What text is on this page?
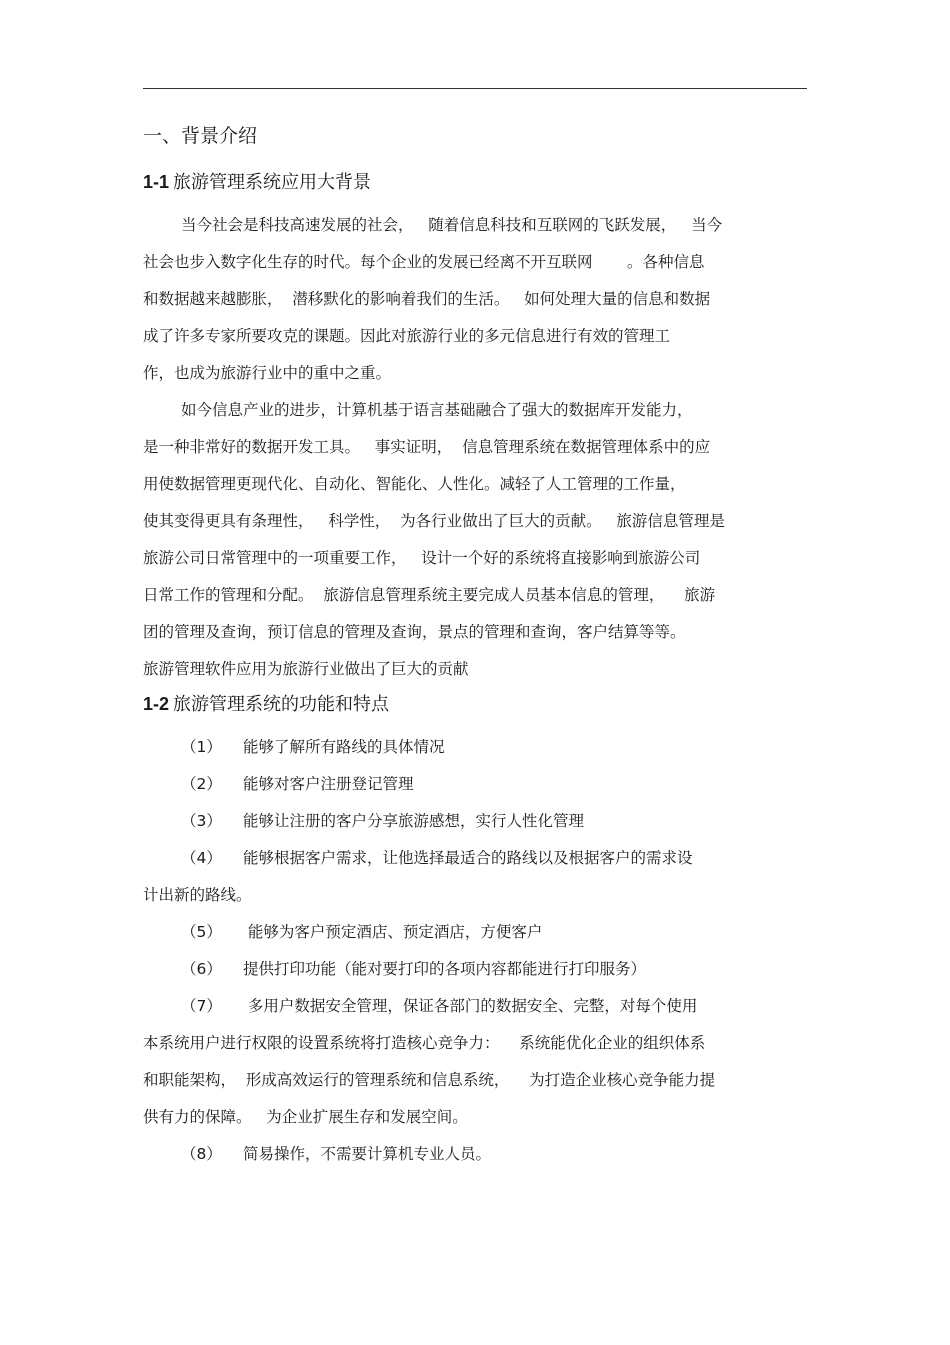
一、背景介绍
1-1 旅游管理系统应用大背景
当今社会是科技高速发展的社会，   随着信息科技和互联网的飞跃发展，   当今
社会也步入数字化生存的时代。每个企业的发展已经离不开互联网       。各种信息
和数据越来越膨胀，  潜移默化的影响着我们的生活。   如何处理大量的信息和数据
成了许多专家所要攻克的课题。因此对旅游行业的多元信息进行有效的管理工
作，也成为旅游行业中的重中之重。
如今信息产业的进步，计算机基于语言基础融合了强大的数据库开发能力，
是一种非常好的数据开发工具。   事实证明，  信息管理系统在数据管理体系中的应
用使数据管理更现代化、自动化、智能化、人性化。减轻了人工管理的工作量，
使其变得更具有条理性，   科学性，  为各行业做出了巨大的贡献。   旅游信息管理是
旅游公司日常管理中的一项重要工作，   设计一个好的系统将直接影响到旅游公司
日常工作的管理和分配。  旅游信息管理系统主要完成人员基本信息的管理，    旅游
团的管理及查询，预订信息的管理及查询，景点的管理和查询，客户结算等等。
旅游管理软件应用为旅游行业做出了巨大的贡献
1-2 旅游管理系统的功能和特点
（1） 能够了解所有路线的具体情况
（2） 能够对客户注册登记管理
（3） 能够让注册的客户分享旅游感想，实行人性化管理
（4） 能够根据客户需求，让他选择最适合的路线以及根据客户的需求设
计出新的路线。
（5） 能够为客户预定酒店、预定酒店，方便客户
（6） 提供打印功能（能对要打印的各项内容都能进行打印服务）
（7） 多用户数据安全管理，保证各部门的数据安全、完整，对每个使用
本系统用户进行权限的设置系统将打造核心竞争力：    系统能优化企业的组织体系
和职能架构，  形成高效运行的管理系统和信息系统，    为打造企业核心竞争能力提
供有力的保障。   为企业扩展生存和发展空间。
（8） 简易操作，不需要计算机专业人员。
